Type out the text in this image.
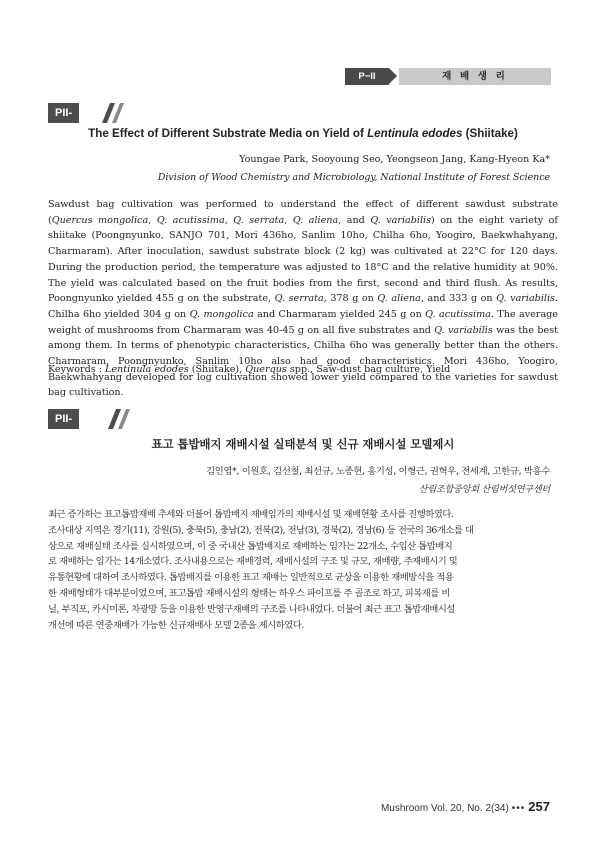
P−II	재 배 생 리
PII-9	The Effect of Different Substrate Media on Yield of Lentinula edodes (Shiitake)
Youngae Park, Sooyoung Seo, Yeongseon Jang, Kang-Hyeon Ka*
Division of Wood Chemistry and Microbiology, National Institute of Forest Science

Sawdust bag cultivation was performed to understand the effect of different sawdust substrate (Quercus mongolica, Q. acutissima, Q. serrata, Q. aliena, and Q. variabilis) on the eight variety of shiitake (Poongnyunko, SANJO 701, Mori 436ho, Sanlim 10ho, Chilha 6ho, Yoogiro, Baekwhahyang, Charmaram). After inoculation, sawdust substrate block (2 kg) was cultivated at 22°C for 120 days. During the production period, the temperature was adjusted to 18°C and the relative humidity at 90%. The yield was calculated based on the fruit bodies from the first, second and third flush. As results, Poongnyunko yielded 455 g on the substrate, Q. serrata, 378 g on Q. aliena, and 333 g on Q. variabilis. Chilha 6ho yielded 304 g on Q. mongolica and Charmaram yielded 245 g on Q. acutissima. The average weight of mushrooms from Charmaram was 40-45 g on all five substrates and Q. variabilis was the best among them. In terms of phenotypic characteristics, Chilha 6ho was generally better than the others. Charmaram, Poongnyunko, Sanlim 10ho also had good characteristics. Mori 436ho, Yoogiro, Baekwhahyang developed for log cultivation showed lower yield compared to the varieties for sawdust bag cultivation.

Keywords : Lentinula edodes (Shiitake), Querqus spp., Saw-dust bag culture, Yield
PII-10	표고 톱밥배지 재배시설 실태분석 및 신규 재배시설 모델제시
김인엽*, 이원호, 김선철, 최선규, 노종현, 홍기성, 이형근, 권혁우, 전세계, 고한규, 박흥수
산림조합중앙회 산림버섯연구센터
최근 증가하는 표고톱밥재배 추세와 더불어 톱밥배지 재배임가의 재배시설 및 재배현황 조사를 진행하였다.
조사대상 지역은 경기(11), 강원(5), 충북(5), 충남(2), 전북(2), 전남(3), 경북(2), 경남(6) 등 전국의 36개소를 대
상으로 재배실태 조사를 실시하였으며, 이 중 국내산 톱밥배지로 재배하는 임가는 22개소, 수입산 톱밥배지
로 재배하는 임가는 14개소였다. 조사내용으로는 재배경력, 재배시설의 구조 및 규모, 재배량, 주재배시기 및
유통현황에 대하여 조사하였다. 톱밥배지를 이용한 표고 재배는 일반적으로 균상을 이용한 재배방식을 적용
한 재배형태가 대부분이었으며, 표고톱밥 재배시설의 형태는 하우스 파이프를 주 골조로 하고, 피복재를 비
닐, 부직포, 카시미론, 차광망 등을 이용한 반영구재배의 구조를 나타내었다. 더불어 최근 표고 톱밥재배시설
개선에 따른 연중재배가 가능한 신규재배사 모델 2종을 제시하였다.
Mushroom Vol. 20, No. 2(34) ••• 257
